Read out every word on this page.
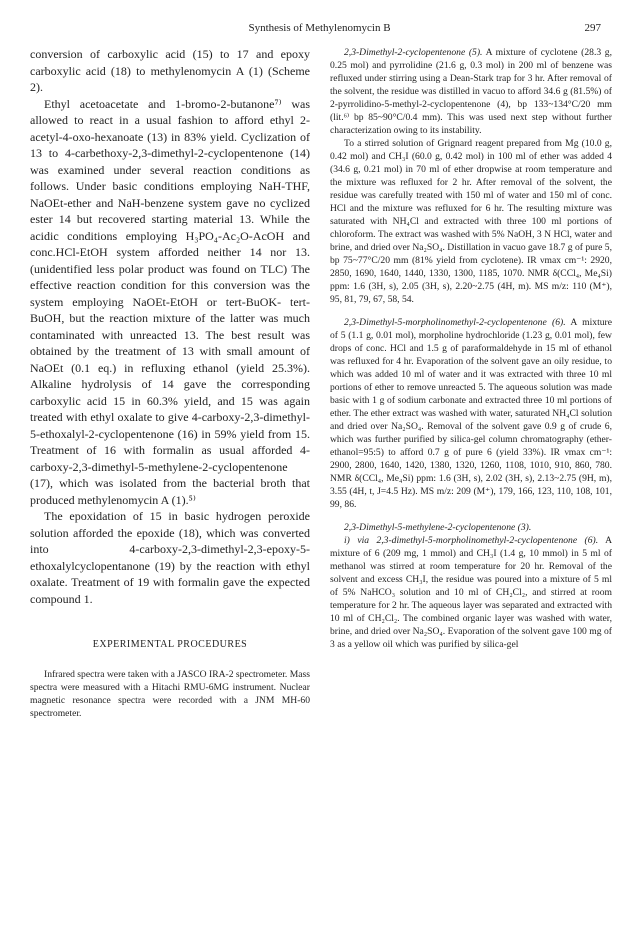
Synthesis of Methylenomycin B	297

conversion of carboxylic acid (15) to 17 and epoxy carboxylic acid (18) to methylenomycin A (1) (Scheme 2).

Ethyl acetoacetate and 1-bromo-2-butanone⁷⁾ was allowed to react in a usual fashion to afford ethyl 2-acetyl-4-oxo-hexanoate (13) in 83% yield. Cyclization of 13 to 4-carbethoxy-2,3-dimethyl-2-cyclopentenone (14) was examined under several reaction conditions as follows. Under basic conditions employing NaH-THF, NaOEt-ether and NaH-benzene system gave no cyclized ester 14 but recovered starting material 13. While the acidic conditions employing H₃PO₄-Ac₂O-AcOH and conc.HCl-EtOH system afforded neither 14 nor 13. (unidentified less polar product was found on TLC) The effective reaction condition for this conversion was the system employing NaOEt-EtOH or tert-BuOK- tert-BuOH, but the reaction mixture of the latter was much contaminated with unreacted 13. The best result was obtained by the treatment of 13 with small amount of NaOEt (0.1 eq.) in refluxing ethanol (yield 25.3%). Alkaline hydrolysis of 14 gave the corresponding carboxylic acid 15 in 60.3% yield, and 15 was again treated with ethyl oxalate to give 4-carboxy-2,3-dimethyl-5-ethoxalyl-2-cyclopentenone (16) in 59% yield from 15. Treatment of 16 with formalin as usual afforded 4-carboxy-2,3-dimethyl-5-methylene-2-cyclopentenone (17), which was isolated from the bacterial broth that produced methylenomycin A (1).⁵⁾

The epoxidation of 15 in basic hydrogen peroxide solution afforded the epoxide (18), which was converted into 4-carboxy-2,3-dimethyl-2,3-epoxy-5-ethoxalylcyclopentanone (19) by the reaction with ethyl oxalate. Treatment of 19 with formalin gave the expected compound 1.

EXPERIMENTAL PROCEDURES

Infrared spectra were taken with a JASCO IRA-2 spectrometer. Mass spectra were measured with a Hitachi RMU-6MG instrument. Nuclear magnetic resonance spectra were recorded with a JNM MH-60 spectrometer.

2,3-Dimethyl-2-cyclopentenone (5). A mixture of cyclotene (28.3 g, 0.25 mol) and pyrrolidine (21.6 g, 0.3 mol) in 200 ml of benzene was refluxed under stirring using a Dean-Stark trap for 3 hr. After removal of the solvent, the residue was distilled in vacuo to afford 34.6 g (81.5%) of 2-pyrrolidino-5-methyl-2-cyclopentenone (4), bp 133~134°C/20 mm (lit.⁶⁾ bp 85~90°C/0.4 mm). This was used next step without further characterization owing to its instability.

To a stirred solution of Grignard reagent prepared from Mg (10.0 g, 0.42 mol) and CH₃I (60.0 g, 0.42 mol) in 100 ml of ether was added 4 (34.6 g, 0.21 mol) in 70 ml of ether dropwise at room temperature and the mixture was refluxed for 2 hr. After removal of the solvent, the residue was carefully treated with 150 ml of water and 150 ml of conc. HCl and the mixture was refluxed for 6 hr. The resulting mixture was saturated with NH₄Cl and extracted with three 100 ml portions of chloroform. The extract was washed with 5% NaOH, 3 N HCl, water and brine, and dried over Na₂SO₄. Distillation in vacuo gave 18.7 g of pure 5, bp 75~77°C/20 mm (81% yield from cyclotene). IR νmax cm⁻¹: 2920, 2850, 1690, 1640, 1440, 1330, 1300, 1185, 1070. NMR δ(CCl₄, Me₄Si) ppm: 1.6 (3H, s), 2.05 (3H, s), 2.20~2.75 (4H, m). MS m/z: 110 (M⁺), 95, 81, 79, 67, 58, 54.

2,3-Dimethyl-5-morpholinomethyl-2-cyclopentenone (6). A mixture of 5 (1.1 g, 0.01 mol), morpholine hydrochloride (1.23 g, 0.01 mol), few drops of conc. HCl and 1.5 g of paraformaldehyde in 15 ml of ethanol was refluxed for 4 hr. Evaporation of the solvent gave an oily residue, to which was added 10 ml of water and it was extracted with three 10 ml portions of ether to remove unreacted 5. The aqueous solution was made basic with 1 g of sodium carbonate and extracted three 10 ml portions of ether. The ether extract was washed with water, saturated NH₄Cl solution and dried over Na₂SO₄. Removal of the solvent gave 0.9 g of crude 6, which was further purified by silica-gel column chromatography (ether-ethanol=95:5) to afford 0.7 g of pure 6 (yield 33%). IR νmax cm⁻¹: 2900, 2800, 1640, 1420, 1380, 1320, 1260, 1108, 1010, 910, 860, 780. NMR δ(CCl₄, Me₄Si) ppm: 1.6 (3H, s), 2.02 (3H, s), 2.13~2.75 (9H, m), 3.55 (4H, t, J=4.5 Hz). MS m/z: 209 (M⁺), 179, 166, 123, 110, 108, 101, 99, 86.

2,3-Dimethyl-5-methylene-2-cyclopentenone (3).

i) via 2,3-dimethyl-5-morpholinomethyl-2-cyclopentenone (6). A mixture of 6 (209 mg, 1 mmol) and CH₃I (1.4 g, 10 mmol) in 5 ml of methanol was stirred at room temperature for 20 hr. Removal of the solvent and excess CH₃I, the residue was poured into a mixture of 5 ml of 5% NaHCO₃ solution and 10 ml of CH₂Cl₂, and stirred at room temperature for 2 hr. The aqueous layer was separated and extracted with 10 ml of CH₂Cl₂. The combined organic layer was washed with water, brine, and dried over Na₂SO₄. Evaporation of the solvent gave 100 mg of 3 as a yellow oil which was purified by silica-gel
